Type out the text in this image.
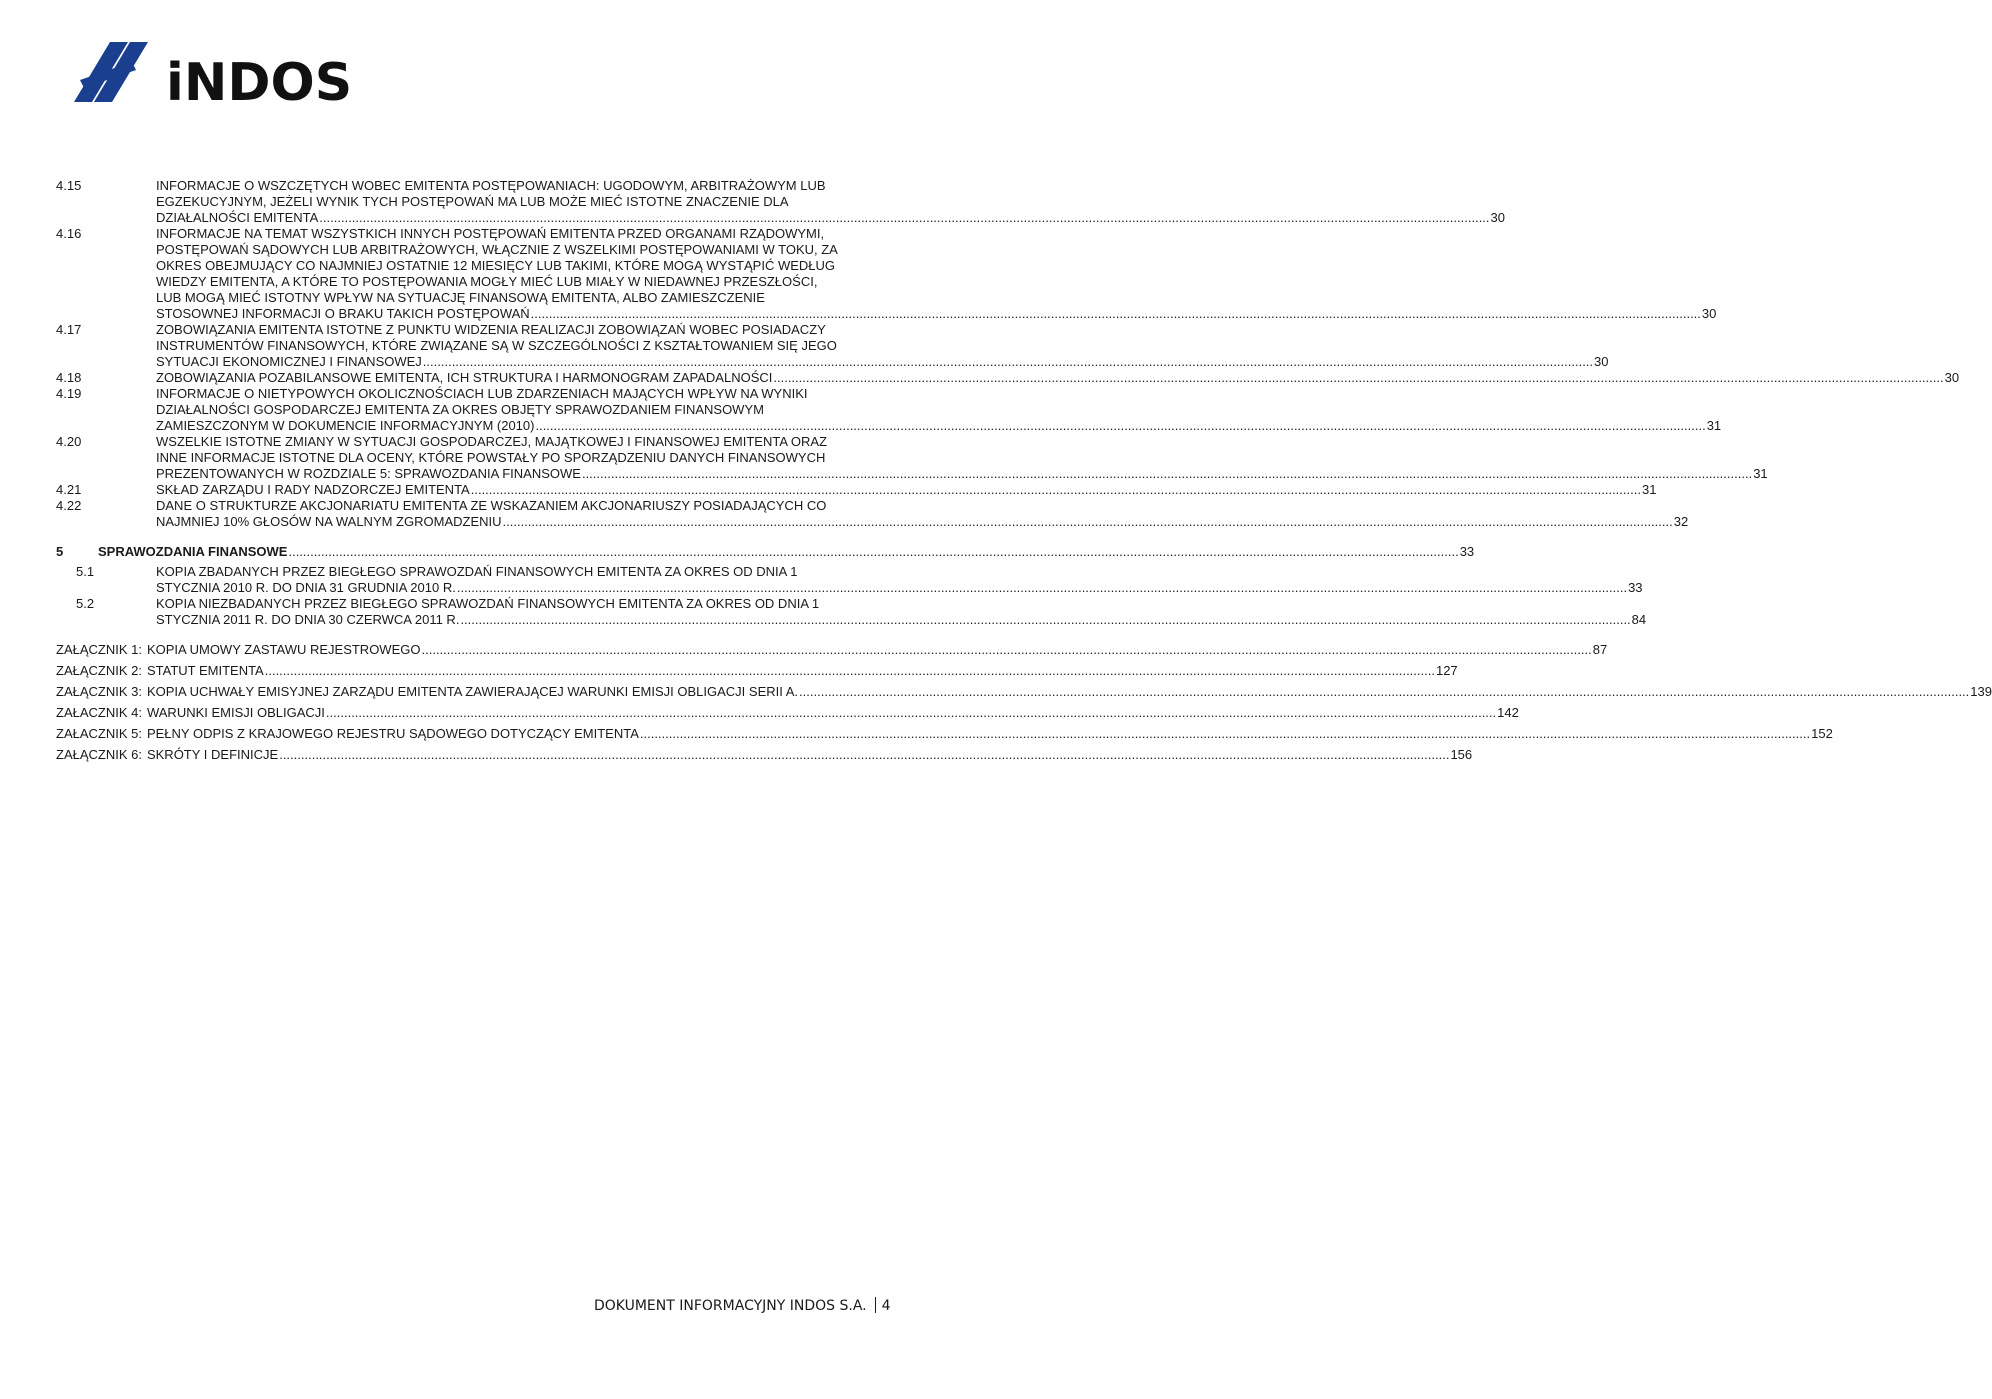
iNDOS
4.15	INFORMACJE O WSZCZĘTYCH WOBEC EMITENTA POSTĘPOWANIACH: UGODOWYM, ARBITRAŻOWYM LUB
EGZEKUCYJNYM, JEŻELI WYNIK TYCH POSTĘPOWAŃ MA LUB MOŻE MIEĆ ISTOTNE ZNACZENIE DLA
DZIAŁALNOŚCI EMITENTA .....	30
4.16	INFORMACJE NA TEMAT WSZYSTKICH INNYCH POSTĘPOWAŃ EMITENTA PRZED ORGANAMI RZĄDOWYMI,
POSTĘPOWAŃ SĄDOWYCH LUB ARBITRAŻOWYCH, WŁĄCZNIE Z WSZELKIMI POSTĘPOWANIAMI W TOKU, ZA
OKRES OBEJMUJĄCY CO NAJMNIEJ OSTATNIE 12 MIESIĘCY LUB TAKIMI, KTÓRE MOGĄ WYSTĄPIĆ WEDŁUG
WIEDZY EMITENTA, A KTÓRE TO POSTĘPOWANIA MOGŁY MIEĆ LUB MIAŁY W NIEDAWNEJ PRZESZŁOŚCI,
LUB MOGĄ MIEĆ ISTOTNY WPŁYW NA SYTUACJĘ FINANSOWĄ EMITENTA, ALBO ZAMIESZCZENIE
STOSOWNEJ INFORMACJI O BRAKU TAKICH POSTĘPOWAŃ .....	30
4.17	ZOBOWIĄZANIA EMITENTA ISTOTNE Z PUNKTU WIDZENIA REALIZACJI ZOBOWIĄZAŃ WOBEC POSIADACZY
INSTRUMENTÓW FINANSOWYCH, KTÓRE ZWIĄZANE SĄ W SZCZEGÓLNOŚCI Z KSZTAŁTOWANIEM SIĘ JEGO
SYTUACJI EKONOMICZNEJ I FINANSOWEJ .....	30
4.18	ZOBOWIĄZANIA POZABILANSOWE EMITENTA, ICH STRUKTURA I HARMONOGRAM ZAPADALNOŚCI .....	30
4.19	INFORMACJE O NIETYPOWYCH OKOLICZNOŚCIACH LUB ZDARZENIACH MAJĄCYCH WPŁYW NA WYNIKI
DZIAŁALNOŚCI GOSPODARCZEJ EMITENTA ZA OKRES OBJĘTY SPRAWOZDANIEM FINANSOWYM
ZAMIESZCZONYM W DOKUMENCIE INFORMACYJNYM (2010) .....	31
4.20	WSZELKIE ISTOTNE ZMIANY W SYTUACJI GOSPODARCZEJ, MAJĄTKOWEJ I FINANSOWEJ EMITENTA ORAZ
INNE INFORMACJE ISTOTNE DLA OCENY, KTÓRE POWSTAŁY PO SPORZĄDZENIU DANYCH FINANSOWYCH
PREZENTOWANYCH W ROZDZIALE 5: SPRAWOZDANIA FINANSOWE .....	31
4.21	SKŁAD ZARZĄDU I RADY NADZORCZEJ EMITENTA .....	31
4.22	DANE O STRUKTURZE AKCJONARIATU EMITENTA ZE WSKAZANIEM AKCJONARIUSZY POSIADAJĄCYCH CO
NAJMNIEJ 10% GŁOSÓW NA WALNYM ZGROMADZENIU .....	32
5	SPRAWOZDANIA FINANSOWE .....	33
5.1	KOPIA ZBADANYCH PRZEZ BIEGŁEGO SPRAWOZDAŃ FINANSOWYCH EMITENTA ZA OKRES OD DNIA 1
STYCZNIA 2010 R. DO DNIA 31 GRUDNIA 2010 R. .....	33
5.2	KOPIA NIEZBADANYCH PRZEZ BIEGŁEGO SPRAWOZDAŃ FINANSOWYCH EMITENTA ZA OKRES OD DNIA 1
STYCZNIA 2011 R. DO DNIA 30 CZERWCA 2011 R. .....	84
ZAŁĄCZNIK 1: KOPIA UMOWY ZASTAWU REJESTROWEGO .....	87
ZAŁĄCZNIK 2: STATUT EMITENTA .....	127
ZAŁĄCZNIK 3: KOPIA UCHWAŁY EMISYJNEJ ZARZĄDU EMITENTA ZAWIERAJĄCEJ WARUNKI EMISJI OBLIGACJI SERII A. .....	139
ZAŁACZNIK 4: WARUNKI EMISJI OBLIGACJI .....	142
ZAŁACZNIK 5: PEŁNY ODPIS Z KRAJOWEGO REJESTRU SĄDOWEGO DOTYCZĄCY EMITENTA .....	152
ZAŁĄCZNIK 6: SKRÓTY I DEFINICJE .....	156
DOKUMENT INFORMACYJNY INDOS S.A. 4
